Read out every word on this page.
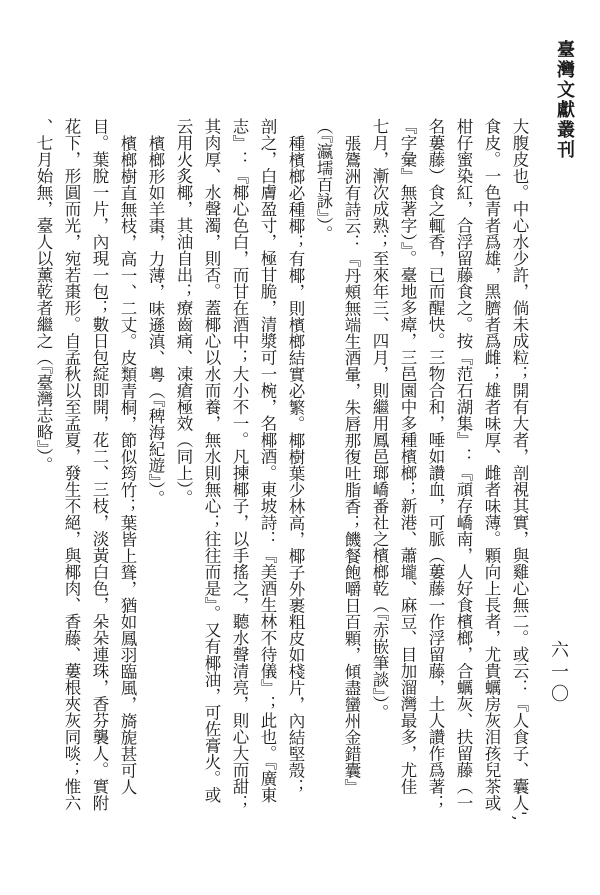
臺灣文獻叢刊
六一〇
大腹皮也。中心水少許，倘未成粒；開有大者，剖視其實，與雞心無二。或云：『人食子、囊人',
食皮。一色青者爲雄，黑臍者爲雌；雄者味厚、雌者味薄。顆向上長者，尤貴蠣房灰泪孩兒茶或
柑仔蜜染紅，合浮留藤食之。按『范石湖集』：『頑存嶠南，人好食檳榔，合蠣灰、扶留藤（一
名蔞藤）食之輒香，已而醒快。三物合和，唾如讚血，可脈（蔞藤一作浮留藤，土人讚作爲著；
『字彙』無著字）』。臺地多瘴，三邑園中多種檳榔；新港、蕭壠、麻豆、目加溜灣最多，尤佳
七月，漸次成熟；至來年三、四月，則繼用鳳邑瑯嶠番社之檳榔乾（『赤嵌筆談』）。
張鷟洲有詩云：『丹頰無端生酒暈，朱唇那復吐脂香；饑餐飽嚼日百顆，傾盡蠻州金錯囊』
（『瀛壖百詠』）。
種檳榔必種椰；有椰，則檳榔結實必繁。椰樹葉少林高，椰子外裹粗皮如棧片，內結堅殼；
剖之，白膚盈寸，極甘脆，清漿可一椀，名椰酒。東坡詩：『美酒生林不待儀』；此也。『廣東
志』：『椰心色白，而甘在酒中；大小不一。凡揀椰子，以手搖之，聽水聲清亮，則心大而甜；
其肉厚、水聲濁，則否。蓋椰心以水而養，無水則無心；往往而是』。又有椰油，可佐膏火。或
云用火炙椰，其油自出；療齒痛、凍瘡極效（同上）。
檳榔形如羊棗，力薄，味遜滇、粵（『稗海紀遊』）。
檳榔樹直無枝，高一、二丈。皮類青桐，節似筠竹；葉皆上聳，猶如鳳羽臨風，旖旎甚可人
目。葉脫一片，內現一包；數日包綻即開，花二、三枝，淡黃白色，朵朵連珠，香芬襲人。實附
花下，形圓而光，宛若棗形。自孟秋以至孟夏，發生不絕，與椰肉、香藤、蔞根夾灰同啖；惟六
、七月始無，臺人以薰乾者繼之（『臺灣志略』）。
